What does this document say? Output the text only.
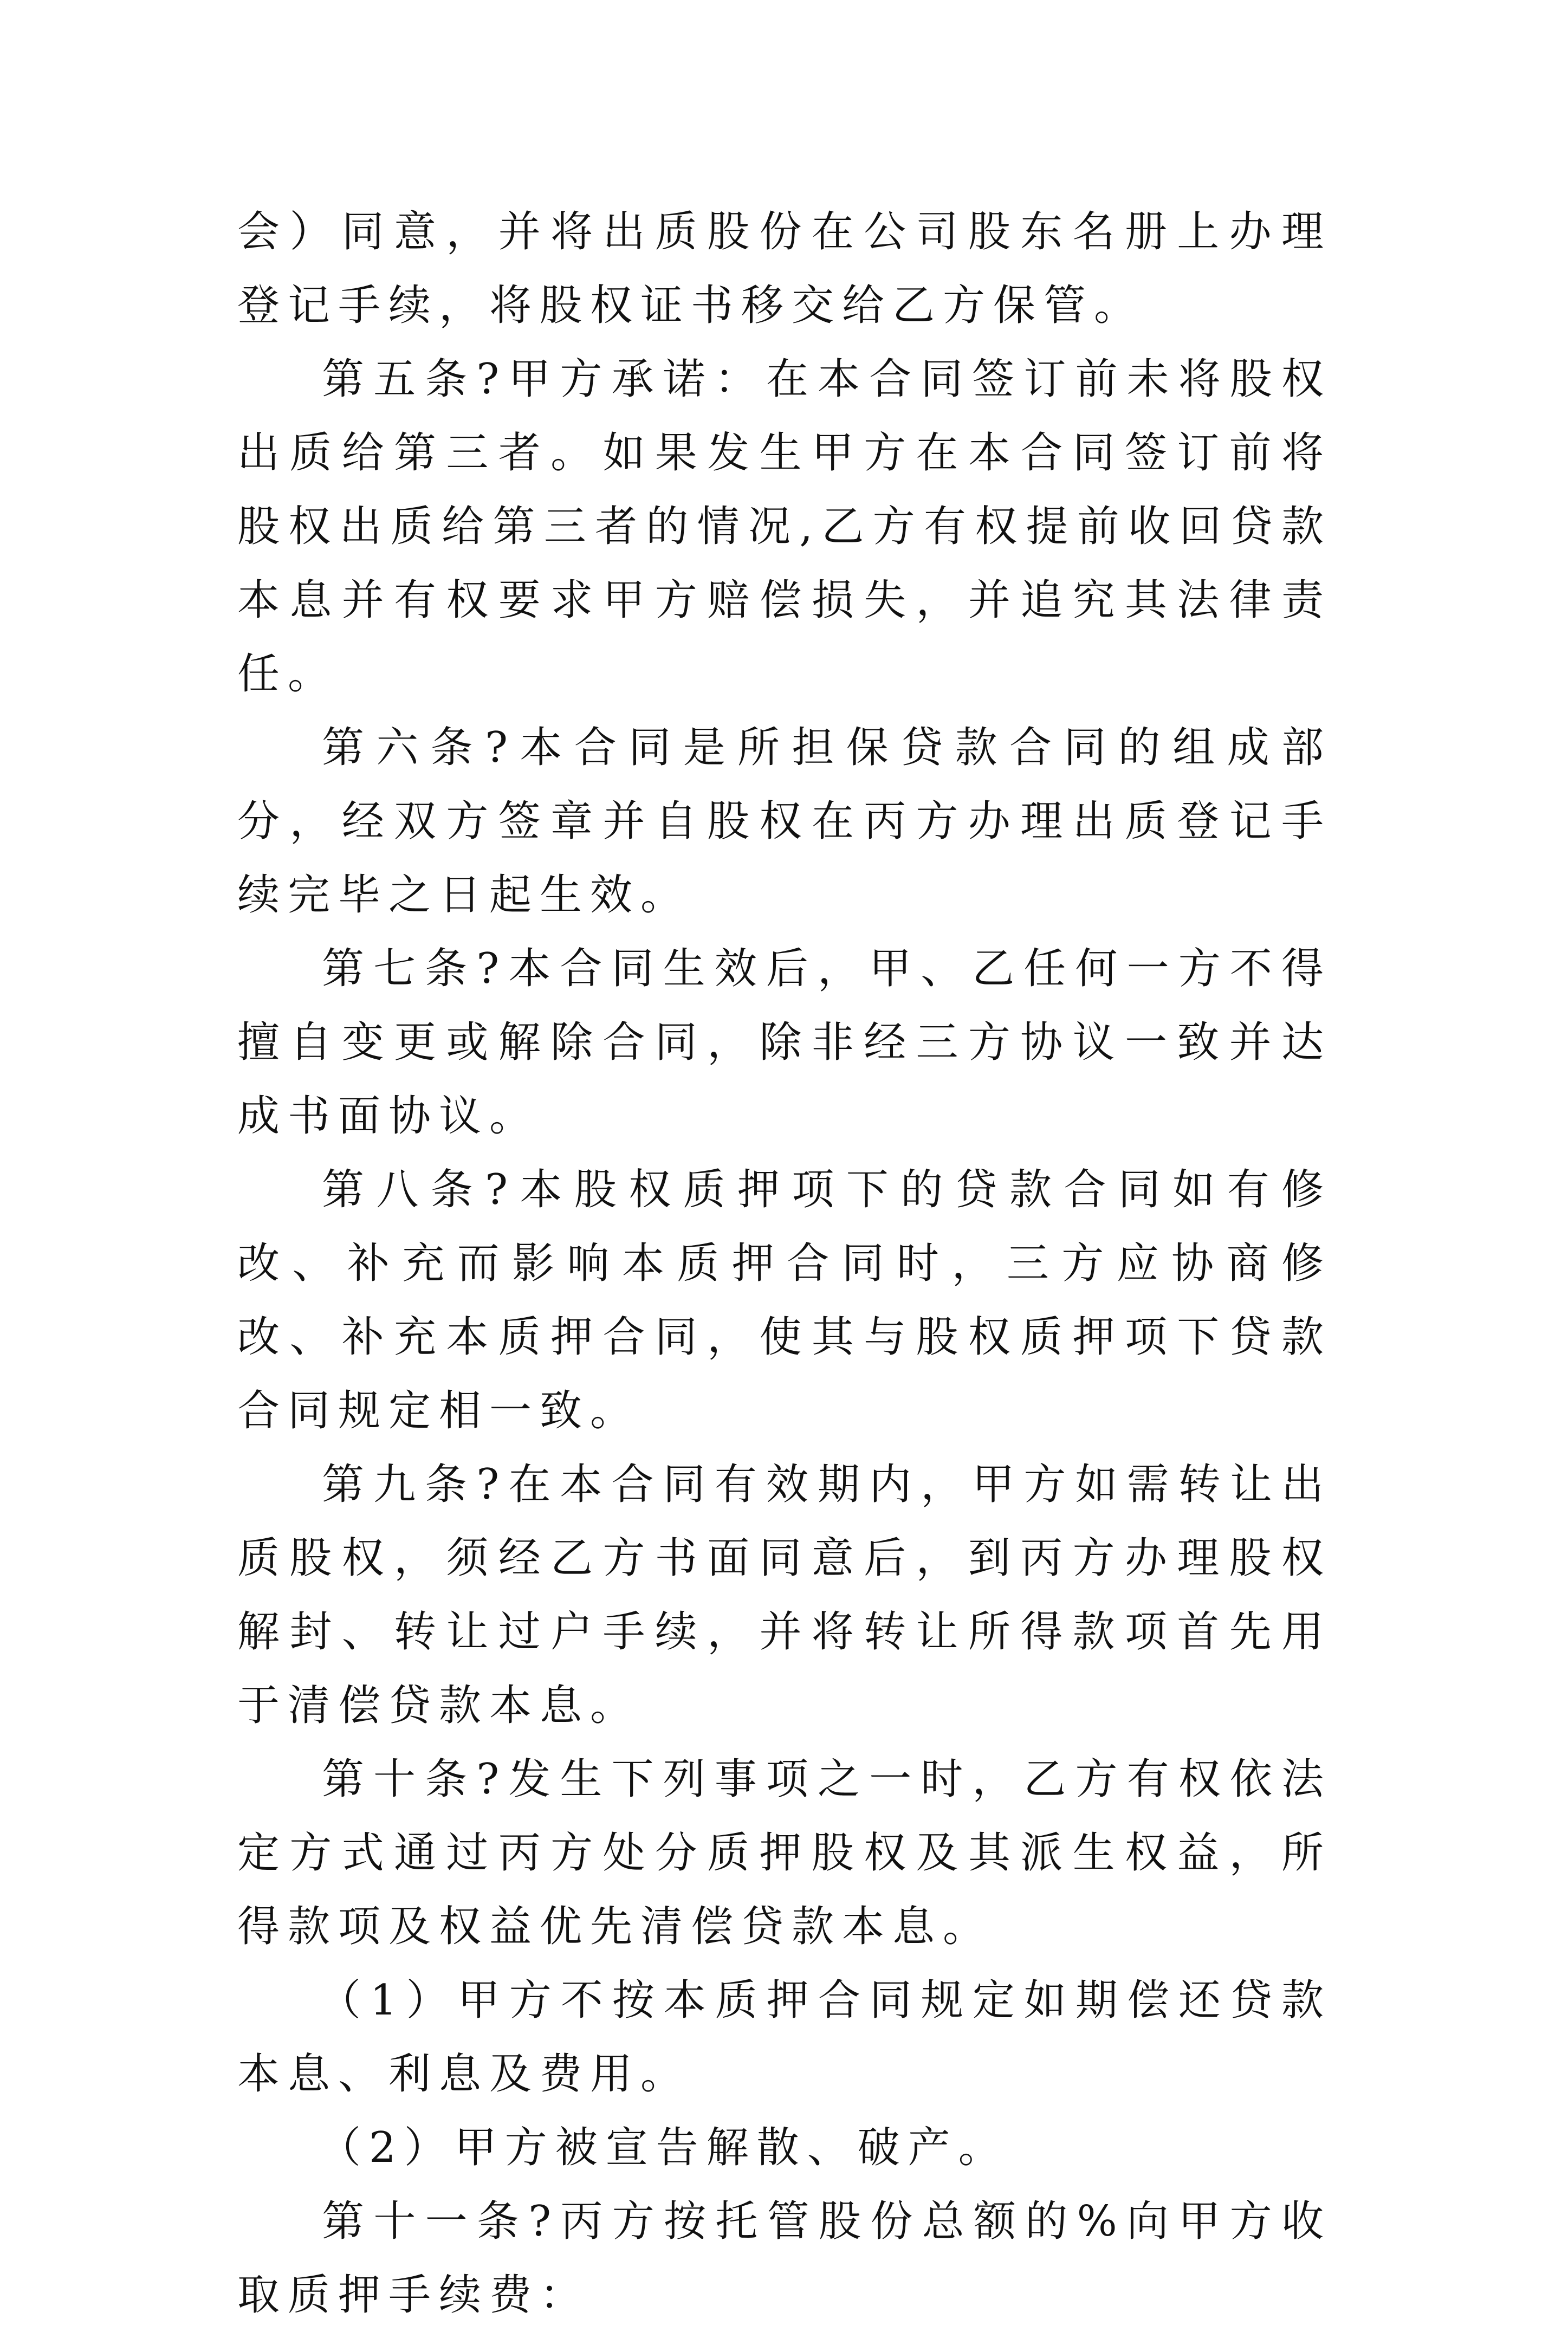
会）同意，并将出质股份在公司股东名册上办理登记手续，将股权证书移交给乙方保管。

第五条?甲方承诺：在本合同签订前未将股权出质给第三者。如果发生甲方在本合同签订前将股权出质给第三者的情况,乙方有权提前收回贷款本息并有权要求甲方赔偿损失，并追究其法律责任。

第六条?本合同是所担保贷款合同的组成部分，经双方签章并自股权在丙方办理出质登记手续完毕之日起生效。

第七条?本合同生效后，甲、乙任何一方不得擅自变更或解除合同，除非经三方协议一致并达成书面协议。

第八条?本股权质押项下的贷款合同如有修改、补充而影响本质押合同时，三方应协商修改、补充本质押合同，使其与股权质押项下贷款合同规定相一致。

第九条?在本合同有效期内，甲方如需转让出质股权，须经乙方书面同意后，到丙方办理股权解封、转让过户手续，并将转让所得款项首先用于清偿贷款本息。

第十条?发生下列事项之一时，乙方有权依法定方式通过丙方处分质押股权及其派生权益，所得款项及权益优先清偿贷款本息。

（1）甲方不按本质押合同规定如期偿还贷款本息、利息及费用。

（2）甲方被宣告解散、破产。

第十一条?丙方按托管股份总额的%向甲方收取质押手续费：
